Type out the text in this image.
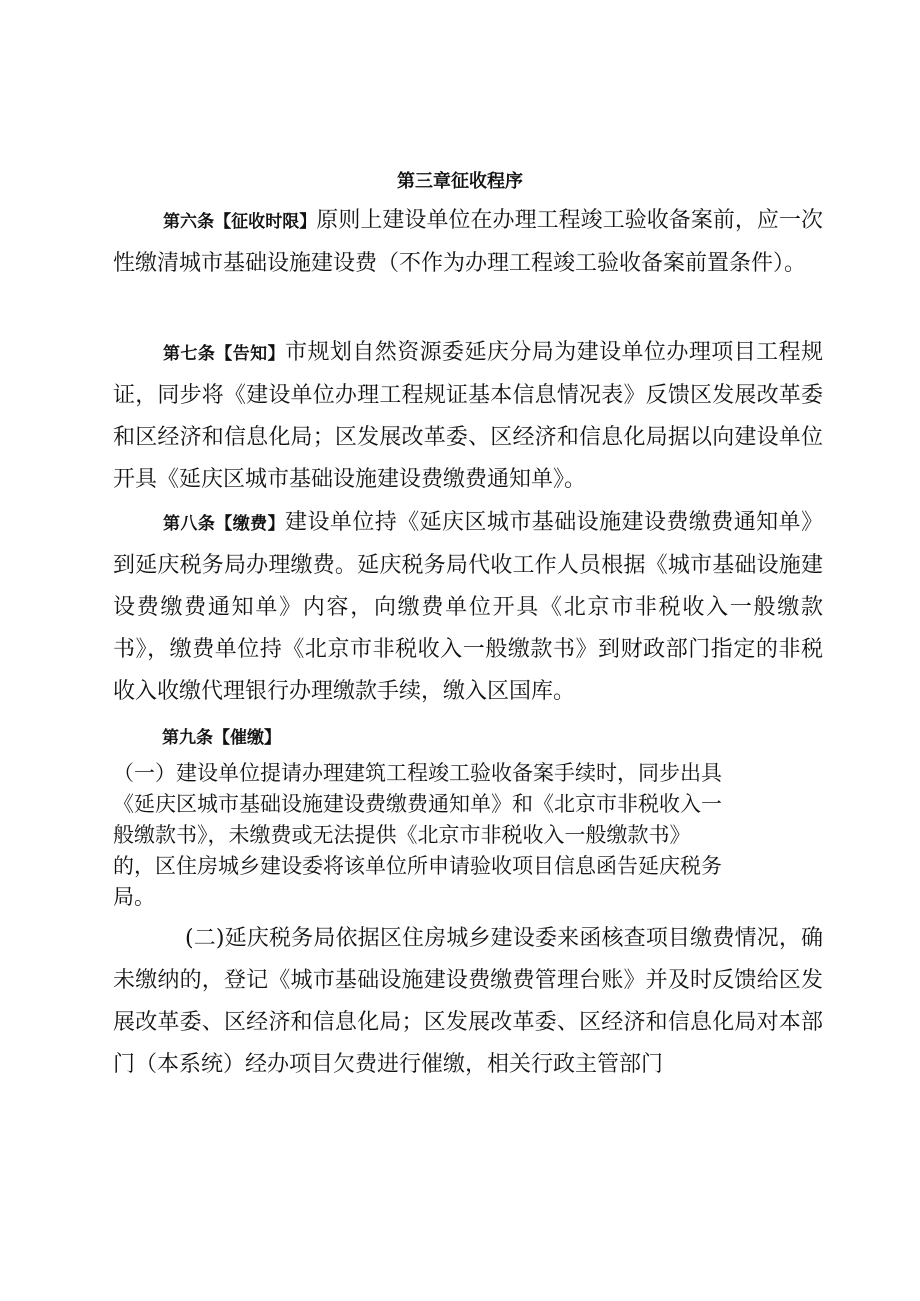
第三章征收程序

第六条【征收时限】原则上建设单位在办理工程竣工验收备案前，应一次性缴清城市基础设施建设费（不作为办理工程竣工验收备案前置条件）。

第七条【告知】市规划自然资源委延庆分局为建设单位办理项目工程规证，同步将《建设单位办理工程规证基本信息情况表》反馈区发展改革委和区经济和信息化局；区发展改革委、区经济和信息化局据以向建设单位开具《延庆区城市基础设施建设费缴费通知单》。

第八条【缴费】建设单位持《延庆区城市基础设施建设费缴费通知单》到延庆税务局办理缴费。延庆税务局代收工作人员根据《城市基础设施建设费缴费通知单》内容，向缴费单位开具《北京市非税收入一般缴款书》，缴费单位持《北京市非税收入一般缴款书》到财政部门指定的非税收入收缴代理银行办理缴款手续，缴入区国库。

第九条【催缴】
（一）建设单位提请办理建筑工程竣工验收备案手续时，同步出具
《延庆区城市基础设施建设费缴费通知单》和《北京市非税收入一
般缴款书》，未缴费或无法提供《北京市非税收入一般缴款书》
的，区住房城乡建设委将该单位所申请验收项目信息函告延庆税务
局。

(二)延庆税务局依据区住房城乡建设委来函核查项目缴费情况，确未缴纳的，登记《城市基础设施建设费缴费管理台账》并及时反馈给区发展改革委、区经济和信息化局；区发展改革委、区经济和信息化局对本部门（本系统）经办项目欠费进行催缴，相关行政主管部门
